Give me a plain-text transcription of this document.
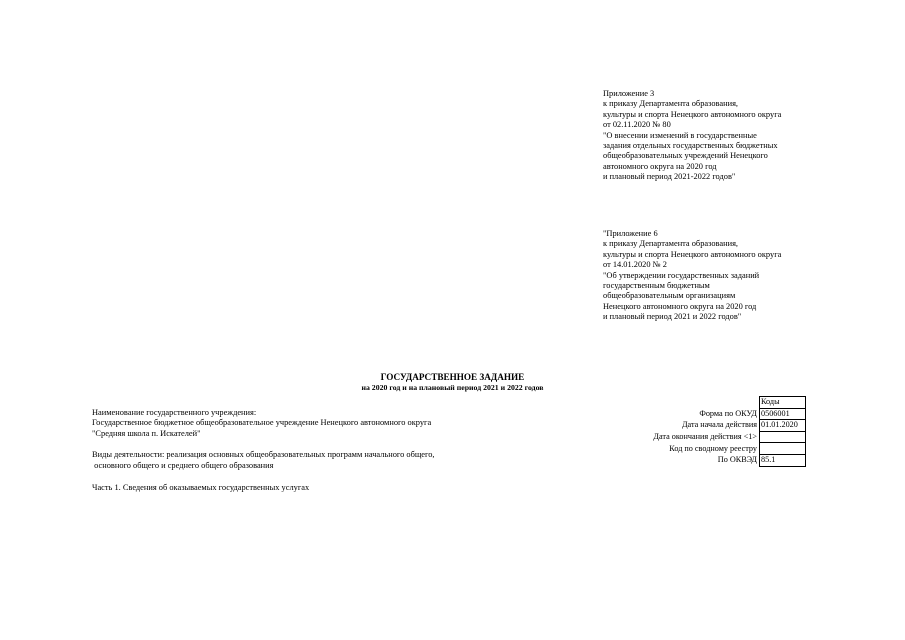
Приложение 3
к приказу Департамента образования,
культуры и спорта Ненецкого автономного округа
от 02.11.2020 № 80
"О внесении изменений в государственные
задания отдельных государственных бюджетных
общеобразовательных учреждений Ненецкого
автономного округа на 2020 год
и плановый период 2021-2022 годов"
"Приложение 6
к приказу Департамента образования,
культуры и спорта Ненецкого автономного округа
от 14.01.2020 № 2
"Об утверждении государственных заданий
государственным бюджетным
общеобразовательным организациям
Ненецкого автономного округа на 2020 год
и плановый период 2021 и 2022 годов"
ГОСУДАРСТВЕННОЕ ЗАДАНИЕ
на 2020 год и на плановый период 2021 и 2022 годов
Наименование государственного учреждения:
Государственное бюджетное общеобразовательное учреждение Ненецкого автономного округа
"Средняя школа п. Искателей"
Виды деятельности: реализация основных общеобразовательных программ начального общего,
основного общего и среднего общего образования
Часть 1. Сведения об оказываемых государственных услугах
	Коды
Форма по ОКУД	0506001
Дата начала действия	01.01.2020
Дата окончания действия <1>	
Код по сводному реестру	
По ОКВЭД	85.1
